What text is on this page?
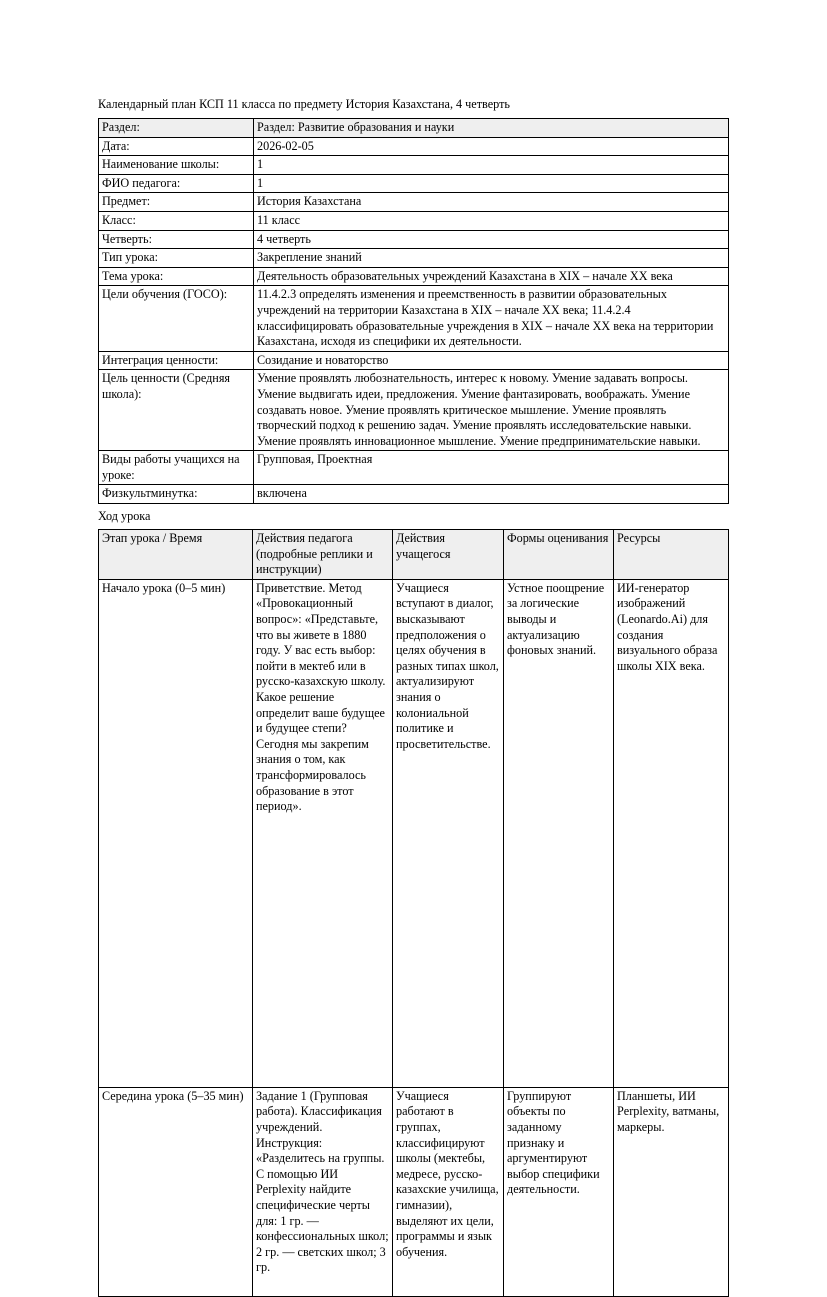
Календарный план КСП 11 класса по предмету История Казахстана, 4 четверть
Раздел:	Раздел: Развитие образования и науки
Дата:	2026-02-05
Наименование школы:	1
ФИО педагога:	1
Предмет:	История Казахстана
Класс:	11 класс
Четверть:	4 четверть
Тип урока:	Закрепление знаний
Тема урока:	Деятельность образовательных учреждений Казахстана в XIX – начале XX века
Цели обучения (ГОСО):	11.4.2.3 определять изменения и преемственность в развитии образовательных учреждений на территории Казахстана в XIX – начале XX века; 11.4.2.4 классифицировать образовательные учреждения в XIX – начале XX века на территории Казахстана, исходя из специфики их деятельности.
Интеграция ценности:	Созидание и новаторство
Цель ценности (Средняя школа):	Умение проявлять любознательность, интерес к новому. Умение задавать вопросы. Умение выдвигать идеи, предложения. Умение фантазировать, воображать. Умение создавать новое. Умение проявлять критическое мышление. Умение проявлять творческий подход к решению задач. Умение проявлять исследовательские навыки. Умение проявлять инновационное мышление. Умение предпринимательские навыки.
Виды работы учащихся на уроке:	Групповая, Проектная
Физкультминутка:	включена
Ход урока
Этап урока / Время	Действия педагога (подробные реплики и инструкции)	Действия учащегося	Формы оценивания	Ресурсы

Начало урока (0–5 мин)	Приветствие. Метод «Провокационный вопрос»: «Представьте, что вы живете в 1880 году. У вас есть выбор: пойти в мектеб или в русско-казахскую школу. Какое решение определит ваше будущее и будущее степи? Сегодня мы закрепим знания о том, как трансформировалось образование в этот период».	Учащиеся вступают в диалог, высказывают предположения о целях обучения в разных типах школ, актуализируют знания о колониальной политике и просветительстве.	Устное поощрение за логические выводы и актуализацию фоновых знаний.	ИИ-генератор изображений (Leonardo.Ai) для создания визуального образа школы XIX века.

Середина урока (5–35 мин)	Задание 1 (Групповая работа). Классификация учреждений. Инструкция: «Разделитесь на группы. С помощью ИИ Perplexity найдите специфические черты для: 1 гр. — конфессиональных школ; 2 гр. — светских школ; 3 гр.	Учащиеся работают в группах, классифицируют школы (мектебы, медресе, русско-казахские училища, гимназии), выделяют их цели, программы и язык обучения.	Группируют объекты по заданному признаку и аргументируют выбор специфики деятельности.	Планшеты, ИИ Perplexity, ватманы, маркеры.
